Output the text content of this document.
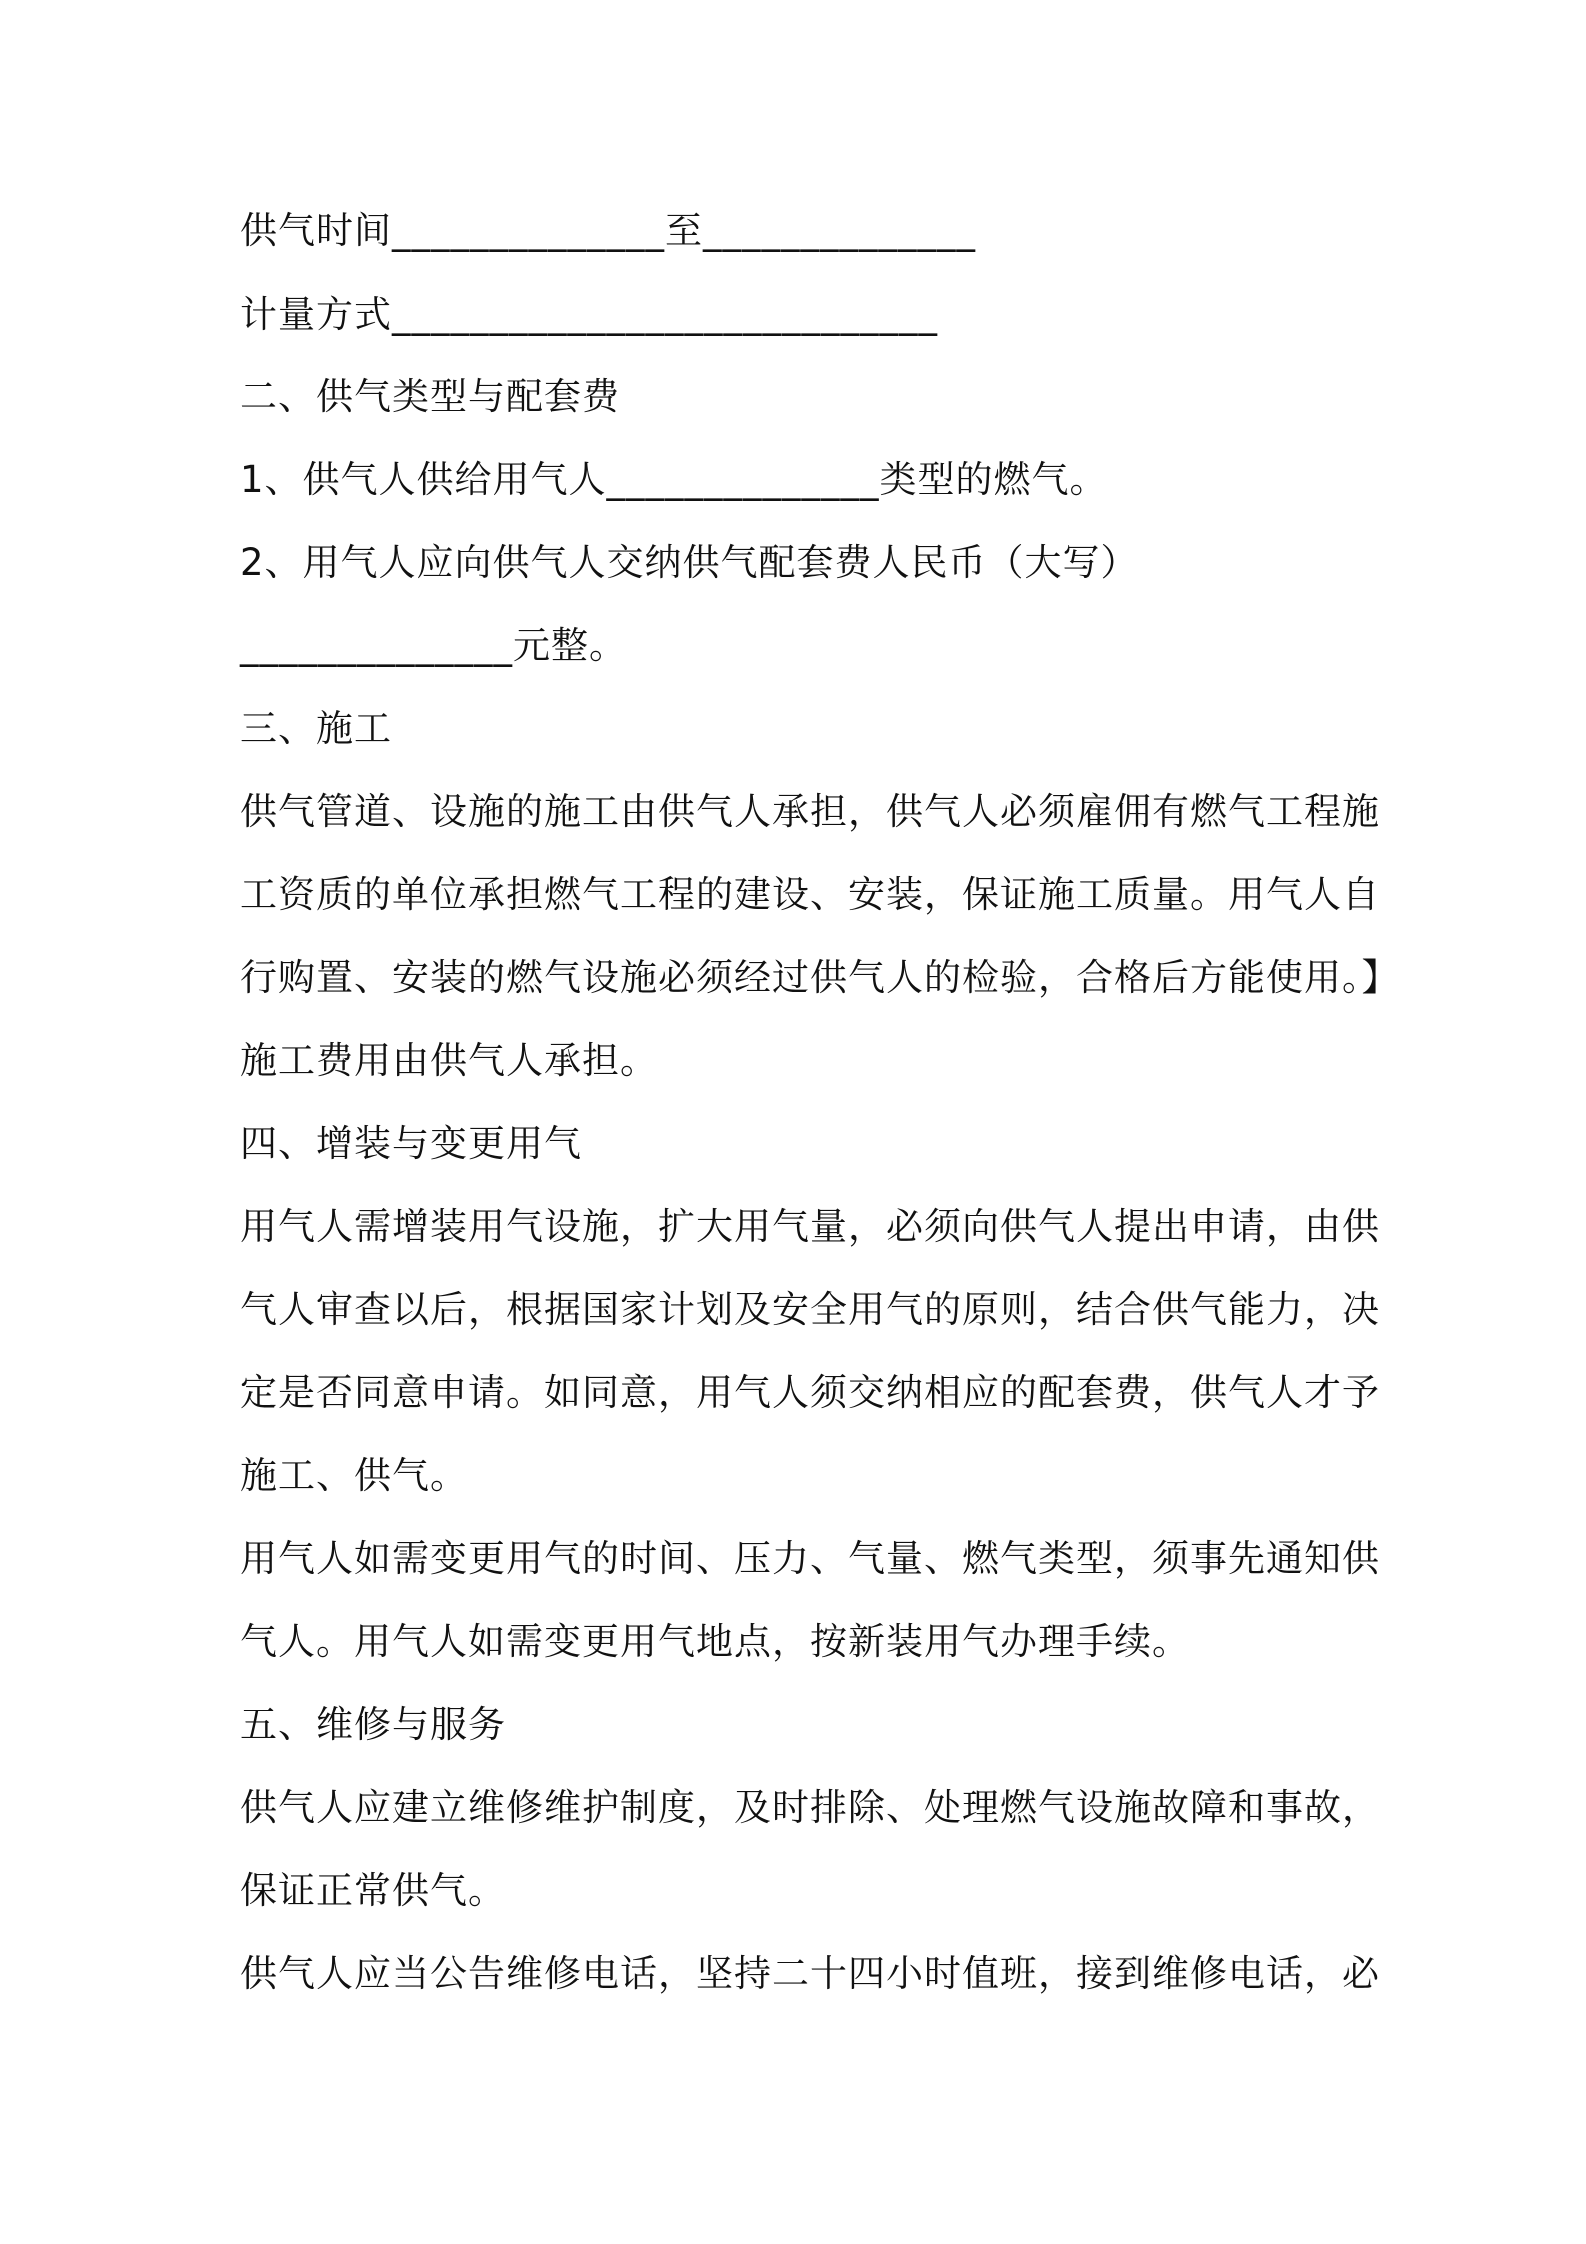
供气时间______________至______________

计量方式____________________________

二、供气类型与配套费

1、供气人供给用气人______________类型的燃气。

2、用气人应向供气人交纳供气配套费人民币（大写）

______________元整。

三、施工

供气管道、设施的施工由供气人承担，供气人必须雇佣有燃气工程施

工资质的单位承担燃气工程的建设、安装，保证施工质量。用气人自

行购置、安装的燃气设施必须经过供气人的检验，合格后方能使用。】

施工费用由供气人承担。

四、增装与变更用气

用气人需增装用气设施，扩大用气量，必须向供气人提出申请，由供

气人审查以后，根据国家计划及安全用气的原则，结合供气能力，决

定是否同意申请。如同意，用气人须交纳相应的配套费，供气人才予

施工、供气。

用气人如需变更用气的时间、压力、气量、燃气类型，须事先通知供

气人。用气人如需变更用气地点，按新装用气办理手续。

五、维修与服务

供气人应建立维修维护制度，及时排除、处理燃气设施故障和事故，

保证正常供气。

供气人应当公告维修电话，坚持二十四小时值班，接到维修电话，必
